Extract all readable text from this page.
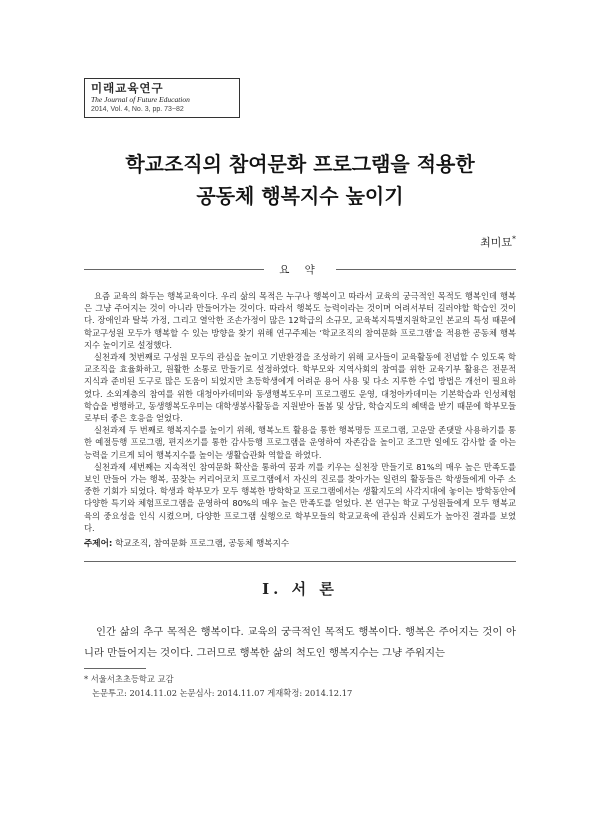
미래교육연구
The Journal of Future Education
2014, Vol. 4, No. 3, pp. 73~82
학교조직의 참여문화 프로그램을 적용한
공동체 행복지수 높이기
최미묘*
요 약

요즘 교육의 화두는 행복교육이다. 우리 삶의 목적은 누구나 행복이고 따라서 교육의 궁극적인 목적도 행복인데 행복은 그냥 주어지는 것이 아니라 만들어가는 것이다. 따라서 행복도 능력이라는 것이며 어려서부터 길러야할 학습인 것이다. 장애인과 탈북 가정, 그리고 열악한 조손가정이 많은 12학급의 소규모, 교육복지특별지원학교인 본교의 특성 때문에 학교구성원 모두가 행복할 수 있는 방향을 찾기 위해 연구주제는 ‘학교조직의 참여문화 프로그램’을 적용한 공동체 행복지수 높이기로 설정했다.

실천과제 첫번째로 구성원 모두의 관심을 높이고 기반환경을 조성하기 위해 교사들이 교육활동에 전념할 수 있도록 학교조직을 효율화하고, 원활한 소통로 만들기로 설정하였다. 학부모와 지역사회의 참여를 위한 교육기부 활용은 전문적 지식과 준비된 도구로 많은 도움이 되었지만 초등학생에게 어려운 용어 사용 및 다소 지루한 수업 방법은 개선이 필요하였다. 소외계층의 참여를 위한 대청아카데미와 동생행복도우미 프로그램도 운영, 대청아카데미는 기본학습과 인성체험학습을 병행하고, 동생행복도우미는 대학생봉사활동을 지원받아 돌봄 및 상담, 학습지도의 혜택을 받기 때문에 학부모들로부터 좋은 호응을 얻었다.

실천과제 두 번째로 행복지수를 높이기 위해, 행복노트 활용을 통한 행복명등 프로그램, 고운말 존댓말 사용하기를 통한 예절등행 프로그램, 편지쓰기를 통한 감사등행 프로그램을 운영하여 자존감을 높이고 조그만 일에도 감사할 줄 아는 능력을 기르게 되어 행복지수를 높이는 생활습관화 역할을 하였다.

실천과제 세번째는 지속적인 참여문화 확산을 통하여 꿈과 끼를 키우는 실천장 만들기로 81%의 매우 높은 만족도를 보인 만들어 가는 행복, 꿈찾는 커리어코치 프로그램에서 자신의 진로를 찾아가는 일련의 활동들은 학생들에게 아주 소중한 기회가 되었다. 학생과 학부모가 모두 행복한 방학학교 프로그램에서는 생활지도의 사각지대에 놓이는 방학동안에 다양한 특기와 체험프로그램을 운영하여 80%의 매우 높은 만족도를 얻었다. 본 연구는 학교 구성원들에게 모두 행복교육의 중요성을 인식 시켰으며, 다양한 프로그램 실행으로 학부모들의 학교교육에 관심과 신뢰도가 높아진 결과를 보였다.

주제어: 학교조직, 참여문화 프로그램, 공동체 행복지수
I. 서 론

인간 삶의 추구 목적은 행복이다. 교육의 궁극적인 목적도 행복이다. 행복은 주어지는 것이 아니라 만들어지는 것이다. 그러므로 행복한 삶의 척도인 행복지수는 그냥 주워지는

* 서울서초초등학교 교감
논문투고: 2014.11.02 논문심사: 2014.11.07 게재확정: 2014.12.17
